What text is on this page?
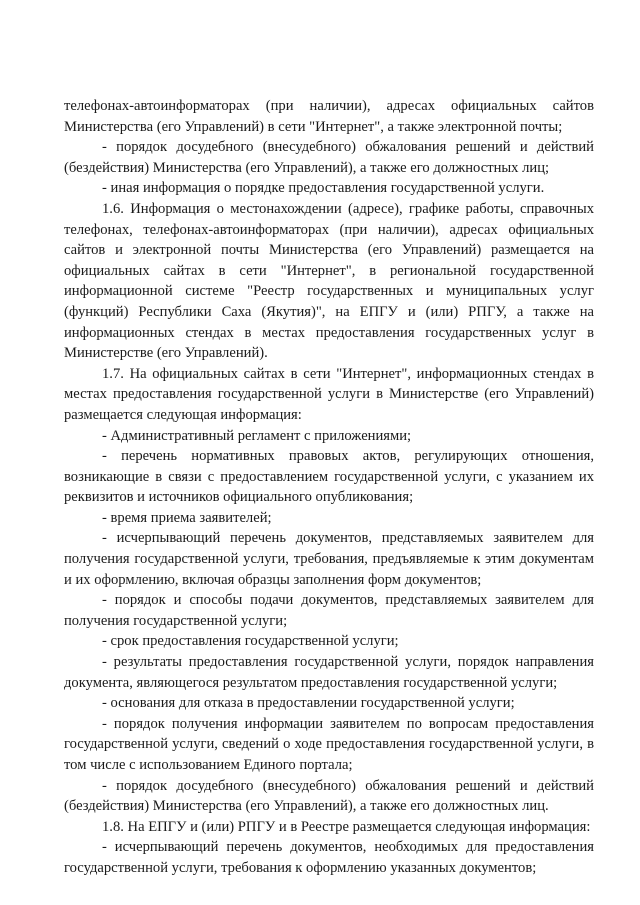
телефонах-автоинформаторах (при наличии), адресах официальных сайтов Министерства (его Управлений) в сети "Интернет", а также электронной почты;

- порядок досудебного (внесудебного) обжалования решений и действий (бездействия) Министерства (его Управлений), а также его должностных лиц;

- иная информация о порядке предоставления государственной услуги.

1.6. Информация о местонахождении (адресе), графике работы, справочных телефонах, телефонах-автоинформаторах (при наличии), адресах официальных сайтов и электронной почты Министерства (его Управлений) размещается на официальных сайтах в сети "Интернет", в региональной государственной информационной системе "Реестр государственных и муниципальных услуг (функций) Республики Саха (Якутия)", на ЕПГУ и (или) РПГУ, а также на информационных стендах в местах предоставления государственных услуг в Министерстве (его Управлений).

1.7. На официальных сайтах в сети "Интернет", информационных стендах в местах предоставления государственной услуги в Министерстве (его Управлений) размещается следующая информация:

- Административный регламент с приложениями;

- перечень нормативных правовых актов, регулирующих отношения, возникающие в связи с предоставлением государственной услуги, с указанием их реквизитов и источников официального опубликования;

- время приема заявителей;

- исчерпывающий перечень документов, представляемых заявителем для получения государственной услуги, требования, предъявляемые к этим документам и их оформлению, включая образцы заполнения форм документов;

- порядок и способы подачи документов, представляемых заявителем для получения государственной услуги;

- срок предоставления государственной услуги;

- результаты предоставления государственной услуги, порядок направления документа, являющегося результатом предоставления государственной услуги;

- основания для отказа в предоставлении государственной услуги;

- порядок получения информации заявителем по вопросам предоставления государственной услуги, сведений о ходе предоставления государственной услуги, в том числе с использованием Единого портала;

- порядок досудебного (внесудебного) обжалования решений и действий (бездействия) Министерства (его Управлений), а также его должностных лиц.

1.8. На ЕПГУ и (или) РПГУ и в Реестре размещается следующая информация:

- исчерпывающий перечень документов, необходимых для предоставления государственной услуги, требования к оформлению указанных документов;
